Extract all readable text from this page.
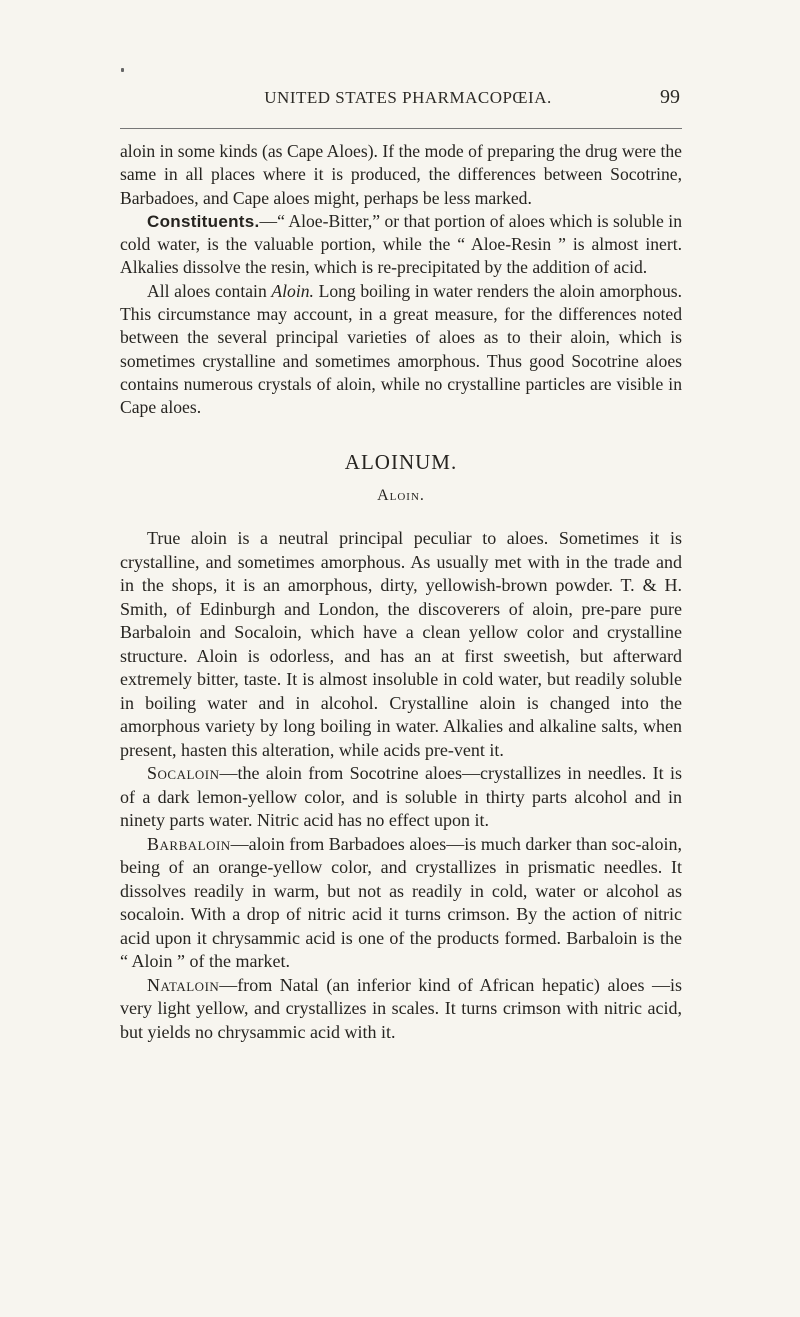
UNITED STATES PHARMACOPŒIA.	99

aloin in some kinds (as Cape Aloes). If the mode of preparing the drug were the same in all places where it is produced, the differences between Socotrine, Barbadoes, and Cape aloes might, perhaps be less marked.

Constituents.—“ Aloe-Bitter,” or that portion of aloes which is soluble in cold water, is the valuable portion, while the “ Aloe-Resin ” is almost inert. Alkalies dissolve the resin, which is re-precipitated by the addition of acid.

All aloes contain Aloin. Long boiling in water renders the aloin amorphous. This circumstance may account, in a great measure, for the differences noted between the several principal varieties of aloes as to their aloin, which is sometimes crystalline and sometimes amorphous. Thus good Socotrine aloes contains numerous crystals of aloin, while no crystalline particles are visible in Cape aloes.

ALOINUM.

Aloin.

True aloin is a neutral principal peculiar to aloes. Sometimes it is crystalline, and sometimes amorphous. As usually met with in the trade and in the shops, it is an amorphous, dirty, yellowish-brown powder. T. & H. Smith, of Edinburgh and London, the discoverers of aloin, pre-pare pure Barbaloin and Socaloin, which have a clean yellow color and crystalline structure. Aloin is odorless, and has an at first sweetish, but afterward extremely bitter, taste. It is almost insoluble in cold water, but readily soluble in boiling water and in alcohol. Crystalline aloin is changed into the amorphous variety by long boiling in water. Alkalies and alkaline salts, when present, hasten this alteration, while acids pre-vent it.

Socaloin—the aloin from Socotrine aloes—crystallizes in needles. It is of a dark lemon-yellow color, and is soluble in thirty parts alcohol and in ninety parts water. Nitric acid has no effect upon it.

Barbaloin—aloin from Barbadoes aloes—is much darker than soc-aloin, being of an orange-yellow color, and crystallizes in prismatic needles. It dissolves readily in warm, but not as readily in cold, water or alcohol as socaloin. With a drop of nitric acid it turns crimson. By the action of nitric acid upon it chrysammic acid is one of the products formed. Barbaloin is the “ Aloin ” of the market.

Nataloin—from Natal (an inferior kind of African hepatic) aloes —is very light yellow, and crystallizes in scales. It turns crimson with nitric acid, but yields no chrysammic acid with it.
